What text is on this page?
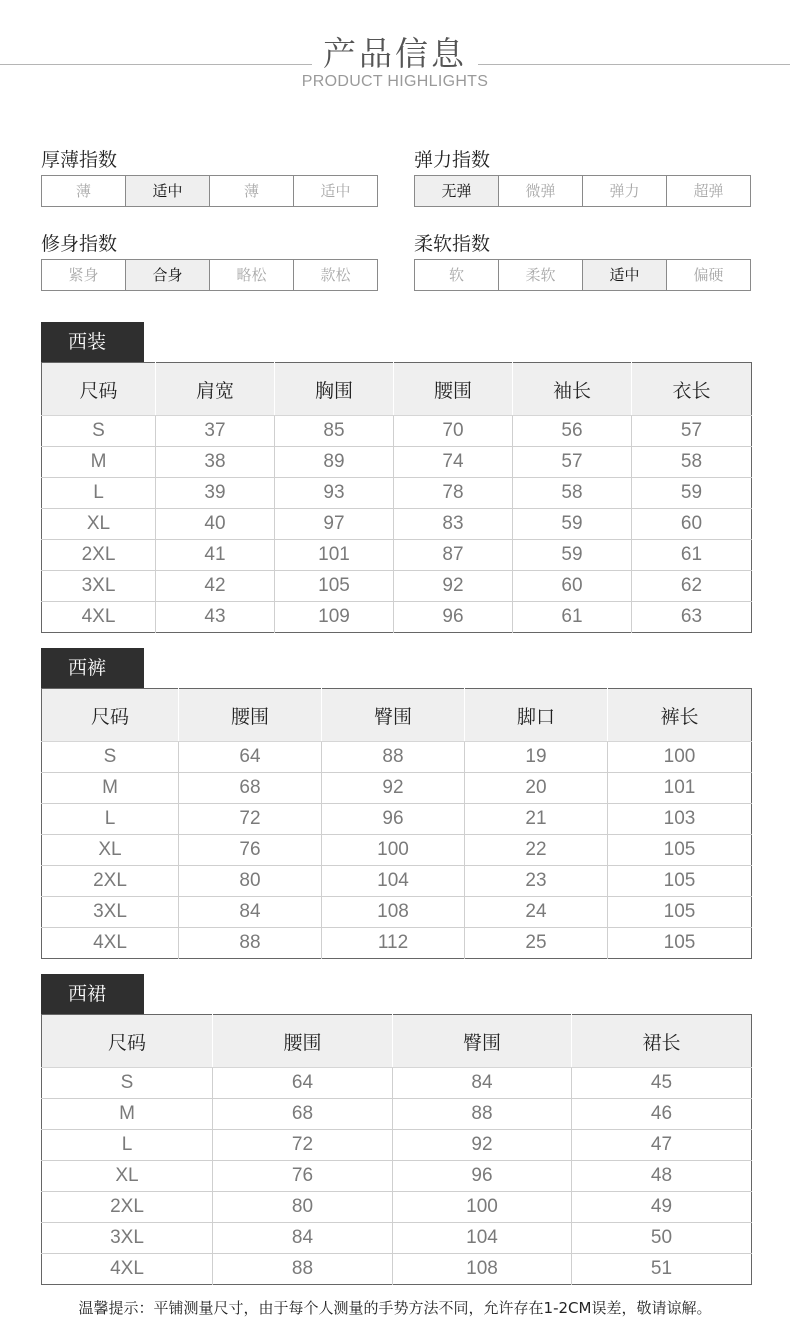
产品信息
PRODUCT HIGHLIGHTS
厚薄指数
薄	适中	薄	适中
弹力指数
无弹	微弹	弹力	超弹
修身指数
紧身	合身	略松	款松
柔软指数
软	柔软	适中	偏硬
西装
尺码	肩宽	胸围	腰围	袖长	衣长
S	37	85	70	56	57
M	38	89	74	57	58
L	39	93	78	58	59
XL	40	97	83	59	60
2XL	41	101	87	59	61
3XL	42	105	92	60	62
4XL	43	109	96	61	63
西裤
尺码	腰围	臀围	脚口	裤长
S	64	88	19	100
M	68	92	20	101
L	72	96	21	103
XL	76	100	22	105
2XL	80	104	23	105
3XL	84	108	24	105
4XL	88	112	25	105
西裙
尺码	腰围	臀围	裙长
S	64	84	45
M	68	88	46
L	72	92	47
XL	76	96	48
2XL	80	100	49
3XL	84	104	50
4XL	88	108	51
温馨提示：平铺测量尺寸，由于每个人测量的手势方法不同，允许存在1-2CM误差，敬请谅解。
